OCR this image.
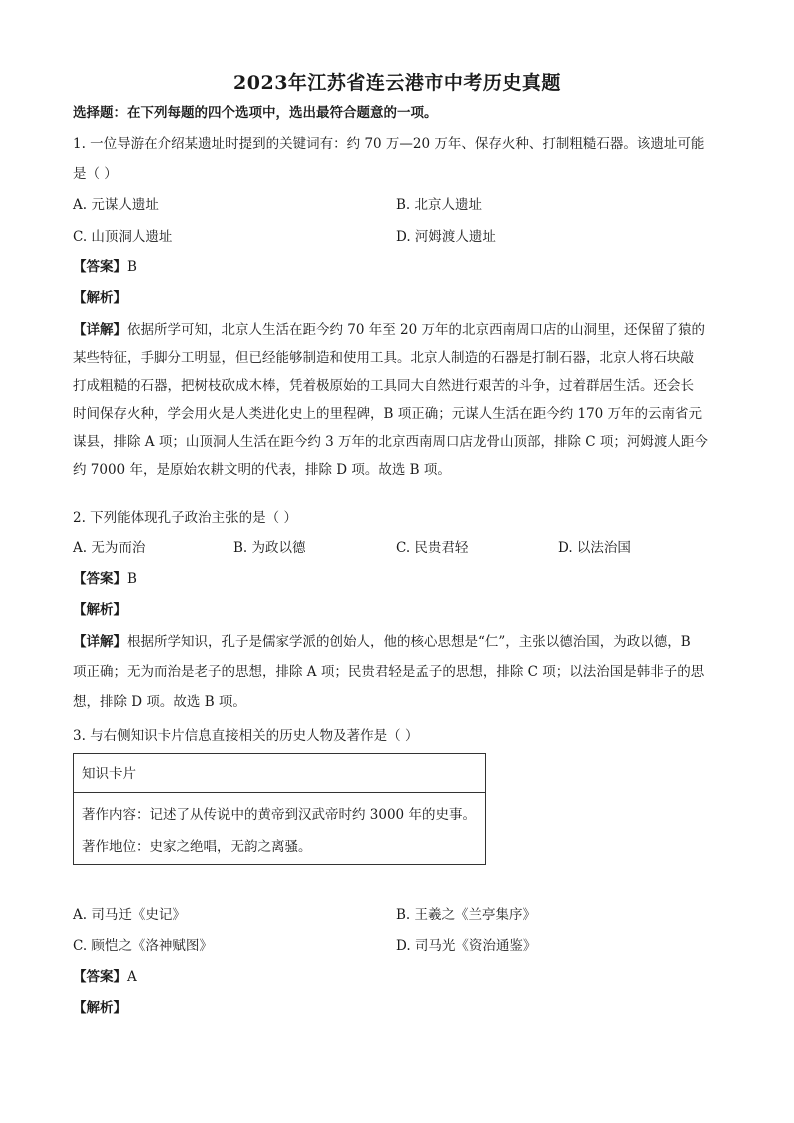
2023年江苏省连云港市中考历史真题
选择题：在下列每题的四个选项中，选出最符合题意的一项。
1. 一位导游在介绍某遗址时提到的关键词有：约 70 万—20 万年、保存火种、打制粗糙石器。该遗址可能
是（ ）
A. 元谋人遗址	B. 北京人遗址
C. 山顶洞人遗址	D. 河姆渡人遗址
【答案】B
【解析】
【详解】依据所学可知，北京人生活在距今约 70 年至 20 万年的北京西南周口店的山洞里，还保留了猿的
某些特征，手脚分工明显，但已经能够制造和使用工具。北京人制造的石器是打制石器，北京人将石块敲
打成粗糙的石器，把树枝砍成木棒，凭着极原始的工具同大自然进行艰苦的斗争，过着群居生活。还会长
时间保存火种，学会用火是人类进化史上的里程碑，B 项正确；元谋人生活在距今约 170 万年的云南省元
谋县，排除 A 项；山顶洞人生活在距今约 3 万年的北京西南周口店龙骨山顶部，排除 C 项；河姆渡人距今
约 7000 年，是原始农耕文明的代表，排除 D 项。故选 B 项。
2. 下列能体现孔子政治主张的是（ ）
A. 无为而治	B. 为政以德	C. 民贵君轻	D. 以法治国
【答案】B
【解析】
【详解】根据所学知识，孔子是儒家学派的创始人，他的核心思想是“仁”，主张以德治国，为政以德，B
项正确；无为而治是老子的思想，排除 A 项；民贵君轻是孟子的思想，排除 C 项；以法治国是韩非子的思
想，排除 D 项。故选 B 项。
3. 与右侧知识卡片信息直接相关的历史人物及著作是（ ）
知识卡片
著作内容：记述了从传说中的黄帝到汉武帝时约 3000 年的史事。
著作地位：史家之绝唱，无韵之离骚。
A. 司马迁《史记》	B. 王羲之《兰亭集序》
C. 顾恺之《洛神赋图》	D. 司马光《资治通鉴》
【答案】A
【解析】
